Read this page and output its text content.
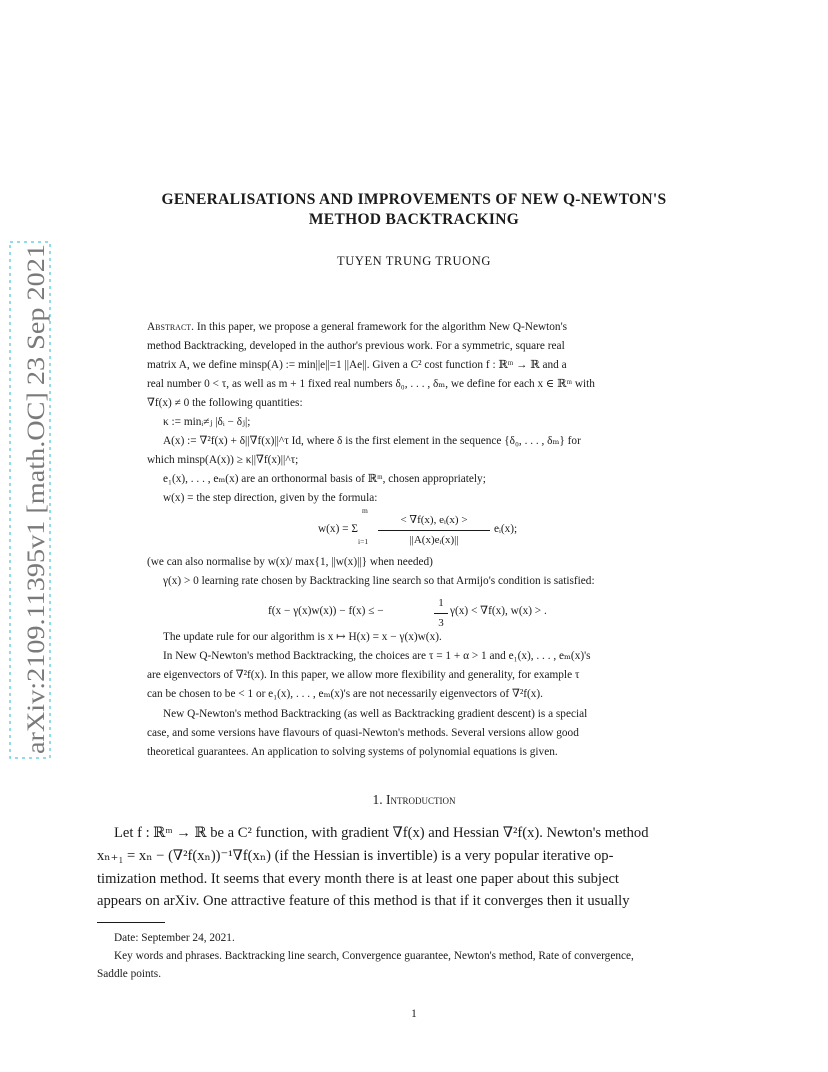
arXiv:2109.11395v1 [math.OC] 23 Sep 2021
GENERALISATIONS AND IMPROVEMENTS OF NEW Q-NEWTON'S
METHOD BACKTRACKING
TUYEN TRUNG TRUONG
Abstract. In this paper, we propose a general framework for the algorithm New Q-Newton's
method Backtracking, developed in the author's previous work. For a symmetric, square real
matrix A, we define minsp(A) := min||e||=1 ||Ae||. Given a C² cost function f : ℝᵐ → ℝ and a
real number 0 < τ, as well as m + 1 fixed real numbers δ₀, . . . , δₘ, we define for each x ∈ ℝᵐ with
∇f(x) ≠ 0 the following quantities:
κ := minᵢ≠ⱼ |δᵢ − δⱼ|;
A(x) := ∇²f(x) + δ||∇f(x)||^τ Id, where δ is the first element in the sequence {δ₀, . . . , δₘ} for
which minsp(A(x)) ≥ κ||∇f(x)||^τ;
e₁(x), . . . , eₘ(x) are an orthonormal basis of ℝᵐ, chosen appropriately;
w(x) = the step direction, given by the formula:
w(x) = Σ
m
$i=1 \frac{\text{< ∇f(x), eᵢ(x) >}}{\text{||A(x)eᵢ(x)||}}$ eᵢ(x);
(we can also normalise by w(x)/ max{1, ||w(x)||} when needed)
γ(x) > 0 learning rate chosen by Backtracking line search so that Armijo's condition is satisfied:
f(x − γ(x)w(x)) − f(x) ≤ −	$\frac{1}{3} \gamma(x) < \nabla f(x)$, w(x) > .
The update rule for our algorithm is x ↦ H(x) = x − γ(x)w(x).
In New Q-Newton's method Backtracking, the choices are τ = 1 + α > 1 and e₁(x), . . . , eₘ(x)'s
are eigenvectors of ∇²f(x). In this paper, we allow more flexibility and generality, for example τ
can be chosen to be < 1 or e₁(x), . . . , eₘ(x)'s are not necessarily eigenvectors of ∇²f(x).
New Q-Newton's method Backtracking (as well as Backtracking gradient descent) is a special
case, and some versions have flavours of quasi-Newton's methods. Several versions allow good
theoretical guarantees. An application to solving systems of polynomial equations is given.
1. Introduction
Let f : ℝᵐ → ℝ be a C² function, with gradient ∇f(x) and Hessian ∇²f(x). Newton's method
xₙ₊₁ = xₙ − (∇²f(xₙ))⁻¹∇f(xₙ) (if the Hessian is invertible) is a very popular iterative op-
timization method. It seems that every month there is at least one paper about this subject
appears on arXiv. One attractive feature of this method is that if it converges then it usually
Date: September 24, 2021.
Key words and phrases. Backtracking line search, Convergence guarantee, Newton's method, Rate of convergence,
Saddle points.
1
